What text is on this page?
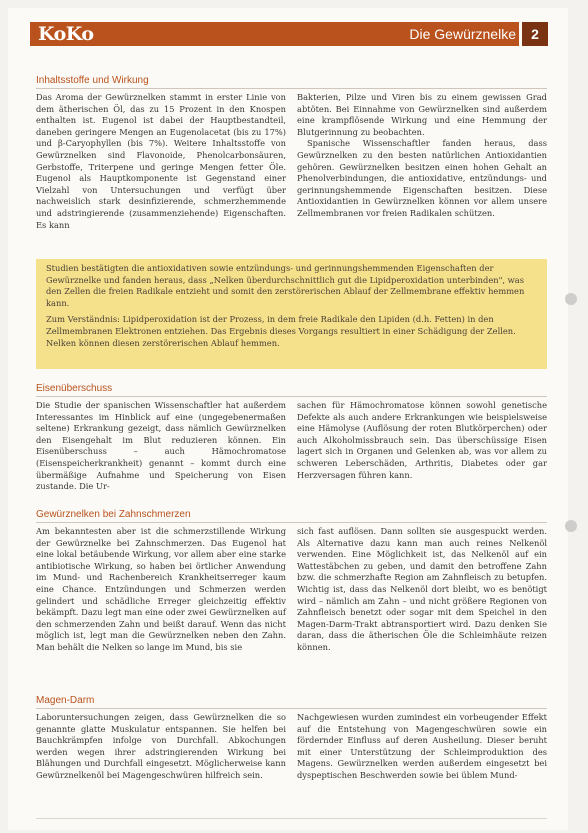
KoKo	Die Gewürznelke	2
Inhaltsstoffe und Wirkung

Das Aroma der Gewürznelken stammt in erster Linie von dem ätherischen Öl, das zu 15 Prozent in den Knospen enthalten ist. Eugenol ist dabei der Hauptbestandteil, daneben geringere Mengen an Eugenolacetat (bis zu 17%) und β-Caryophyllen (bis 7%). Weitere Inhaltsstoffe von Gewürznelken sind Flavonoide, Phenolcarbonsäuren, Gerbstoffe, Triterpene und geringe Mengen fetter Öle. Eugenol als Hauptkomponente ist Gegenstand einer Vielzahl von Untersuchungen und verfügt über nachweislich stark desinfizierende, schmerzhemmende und adstringierende (zusammenziehende) Eigenschaften. Es kann

Bakterien, Pilze und Viren bis zu einem gewissen Grad abtöten. Bei Einnahme von Gewürznelken sind außerdem eine krampflösende Wirkung und eine Hemmung der Blutgerinnung zu beobachten.

Spanische Wissenschaftler fanden heraus, dass Gewürznelken zu den besten natürlichen Antioxidantien gehören. Gewürznelken besitzen einen hohen Gehalt an Phenolverbindungen, die antioxidative, entzündungs- und gerinnungshemmende Eigenschaften besitzen. Diese Antioxidantien in Gewürznelken können vor allem unsere Zellmembranen vor freien Radikalen schützen.

Studien bestätigten die antioxidativen sowie entzündungs- und gerinnungshemmenden Eigenschaften der Gewürznelke und fanden heraus, dass „Nelken überdurchschnittlich gut die Lipidperoxidation unterbinden", was den Zellen die freien Radikale entzieht und somit den zerstörerischen Ablauf der Zellmembrane effektiv hemmen kann.

Zum Verständnis: Lipidperoxidation ist der Prozess, in dem freie Radikale den Lipiden (d.h. Fetten) in den Zellmembranen Elektronen entziehen. Das Ergebnis dieses Vorgangs resultiert in einer Schädigung der Zellen. Nelken können diesen zerstörerischen Ablauf hemmen.

Eisenüberschuss

Die Studie der spanischen Wissenschaftler hat außerdem Interessantes im Hinblick auf eine (ungegebenermaßen seltene) Erkrankung gezeigt, dass nämlich Gewürznelken den Eisengehalt im Blut reduzieren können. Ein Eisenüberschuss – auch Hämochromatose (Eisenspeicherkrankheit) genannt – kommt durch eine übermäßige Aufnahme und Speicherung von Eisen zustande. Die Ur-

sachen für Hämochromatose können sowohl genetische Defekte als auch andere Erkrankungen wie beispielsweise eine Hämolyse (Auflösung der roten Blutkörperchen) oder auch Alkoholmissbrauch sein. Das überschüssige Eisen lagert sich in Organen und Gelenken ab, was vor allem zu schweren Leberschäden, Arthritis, Diabetes oder gar Herzversagen führen kann.

Gewürznelken bei Zahnschmerzen

Am bekanntesten aber ist die schmerzstillende Wirkung der Gewürznelke bei Zahnschmerzen. Das Eugenol hat eine lokal betäubende Wirkung, vor allem aber eine starke antibiotische Wirkung, so haben bei örtlicher Anwendung im Mund- und Rachenbereich Krankheitserreger kaum eine Chance. Entzündungen und Schmerzen werden gelindert und schädliche Erreger gleichzeitig effektiv bekämpft. Dazu legt man eine oder zwei Gewürznelken auf den schmerzenden Zahn und beißt darauf. Wenn das nicht möglich ist, legt man die Gewürznelken neben den Zahn. Man behält die Nelken so lange im Mund, bis sie

sich fast auflösen. Dann sollten sie ausgespuckt werden. Als Alternative dazu kann man auch reines Nelkenöl verwenden. Eine Möglichkeit ist, das Nelkenöl auf ein Wattestäbchen zu geben, und damit den betroffene Zahn bzw. die schmerzhafte Region am Zahnfleisch zu betupfen. Wichtig ist, dass das Nelkenöl dort bleibt, wo es benötigt wird – nämlich am Zahn – und nicht größere Regionen von Zahnfleisch benetzt oder sogar mit dem Speichel in den Magen-Darm-Trakt abtransportiert wird. Dazu denken Sie daran, dass die ätherischen Öle die Schleimhäute reizen können.

Magen-Darm

Laboruntersuchungen zeigen, dass Gewürznelken die so genannte glatte Muskulatur entspannen. Sie helfen bei Bauchkrämpfen infolge von Durchfall. Abkochungen werden wegen ihrer adstringierenden Wirkung bei Blähungen und Durchfall eingesetzt. Möglicherweise kann Gewürznelkenöl bei Magengeschwüren hilfreich sein.

Nachgewiesen wurden zumindest ein vorbeugender Effekt auf die Entstehung von Magengeschwüren sowie ein fördernder Einfluss auf deren Ausheilung. Dieser beruht mit einer Unterstützung der Schleimproduktion des Magens. Gewürznelken werden außerdem eingesetzt bei dyspeptischen Beschwerden sowie bei üblem Mund-
